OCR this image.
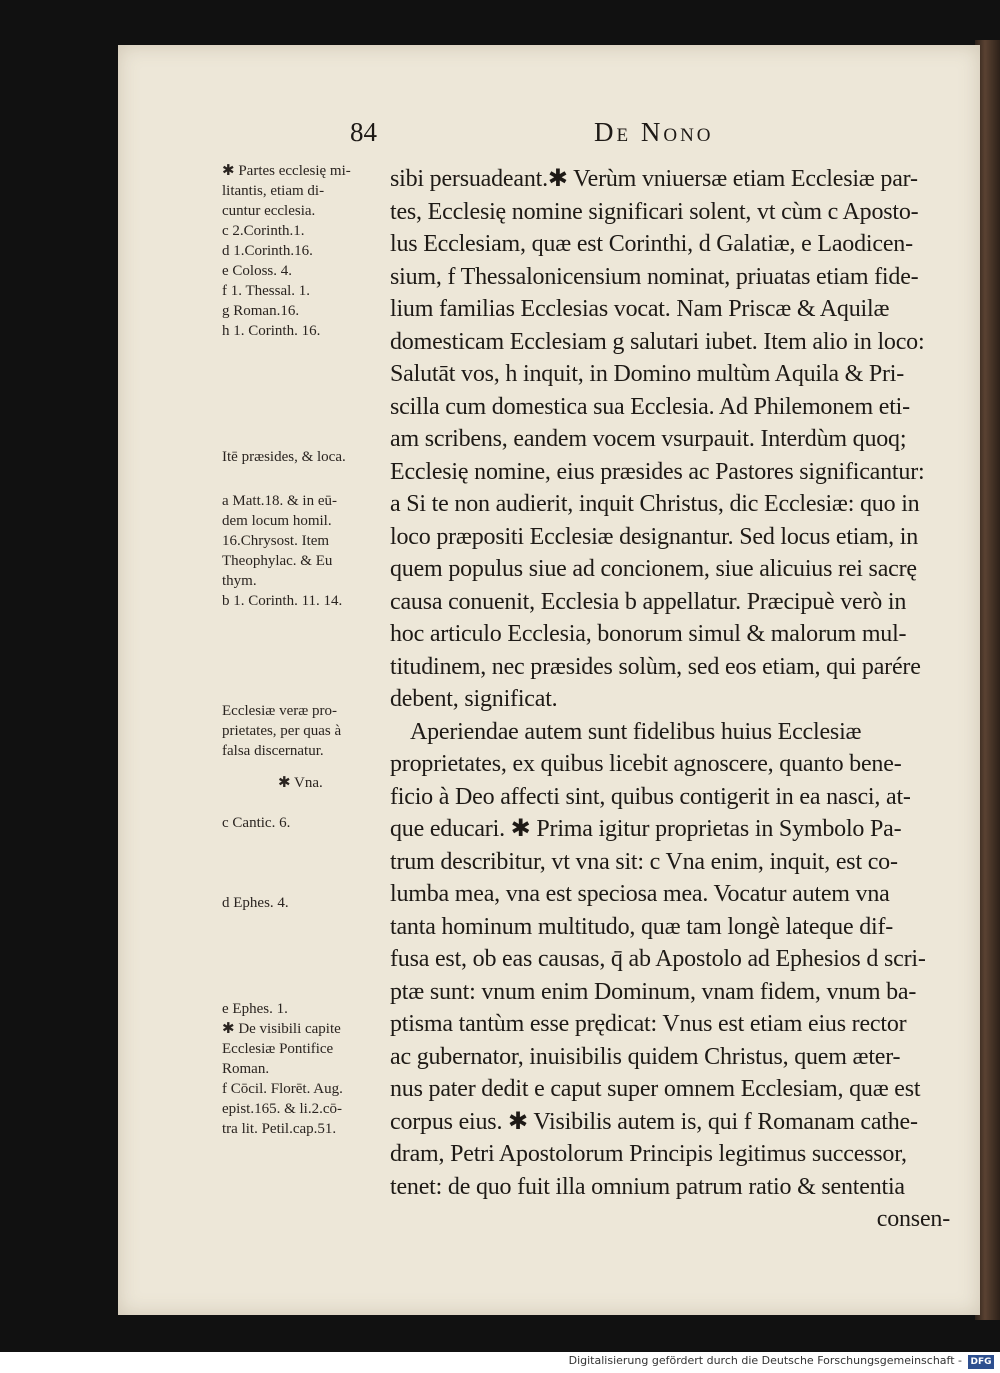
84	De Nono
✱ Partes ecclesię mi-
litantis, etiam di-
cuntur ecclesia.
c 2.Corinth.1.
d 1.Corinth.16.
e Coloss. 4.
f 1. Thessal. 1.
g Roman.16.
h 1. Corinth. 16.
Itē præsides, & loca.
a Matt.18. & in eū-
dem locum homil.
16.Chrysost. Item
Theophylac. & Eu
thym.
b 1. Corinth. 11. 14.
Ecclesiæ veræ pro-
prietates, per quas à
falsa discernatur.
✱ Vna.
c Cantic. 6.
d Ephes. 4.
e Ephes. 1.
✱ De visibili capite
Ecclesiæ Pontifice
Roman.
f Cōcil. Florēt. Aug.
epist.165. & li.2.cō-
tra lit. Petil.cap.51.
sibi persuadeant.✱ Verùm vniuersæ etiam Ecclesiæ par-
tes, Ecclesię nomine significari solent, vt cùm c Aposto-
lus Ecclesiam, quæ est Corinthi, d Galatiæ, e Laodicen-
sium, f Thessalonicensium nominat, priuatas etiam fide-
lium familias Ecclesias vocat. Nam Priscæ & Aquilæ
domesticam Ecclesiam g salutari iubet. Item alio in loco:
Salutāt vos, h inquit, in Domino multùm Aquila & Pri-
scilla cum domestica sua Ecclesia. Ad Philemonem eti-
am scribens, eandem vocem vsurpauit. Interdùm quoq;
Ecclesię nomine, eius præsides ac Pastores significantur:
a Si te non audierit, inquit Christus, dic Ecclesiæ: quo in
loco præpositi Ecclesiæ designantur. Sed locus etiam, in
quem populus siue ad concionem, siue alicuius rei sacrę
causa conuenit, Ecclesia b appellatur. Præcipuè verò in
hoc articulo Ecclesia, bonorum simul & malorum mul-
titudinem, nec præsides solùm, sed eos etiam, qui parére
debent, significat.
Aperiendae autem sunt fidelibus huius Ecclesiæ
proprietates, ex quibus licebit agnoscere, quanto bene-
ficio à Deo affecti sint, quibus contigerit in ea nasci, at-
que educari. ✱ Prima igitur proprietas in Symbolo Pa-
trum describitur, vt vna sit: c Vna enim, inquit, est co-
lumba mea, vna est speciosa mea. Vocatur autem vna
tanta hominum multitudo, quæ tam longè lateque dif-
fusa est, ob eas causas, q̄ ab Apostolo ad Ephesios d scri-
ptæ sunt: vnum enim Dominum, vnam fidem, vnum ba-
ptisma tantùm esse prędicat: Vnus est etiam eius rector
ac gubernator, inuisibilis quidem Christus, quem æter-
nus pater dedit e caput super omnem Ecclesiam, quæ est
corpus eius. ✱ Visibilis autem is, qui f Romanam cathe-
dram, Petri Apostolorum Principis legitimus successor,
tenet: de quo fuit illa omnium patrum ratio & sententia
consen-
Digitalisierung gefördert durch die Deutsche Forschungsgemeinschaft - DFG
